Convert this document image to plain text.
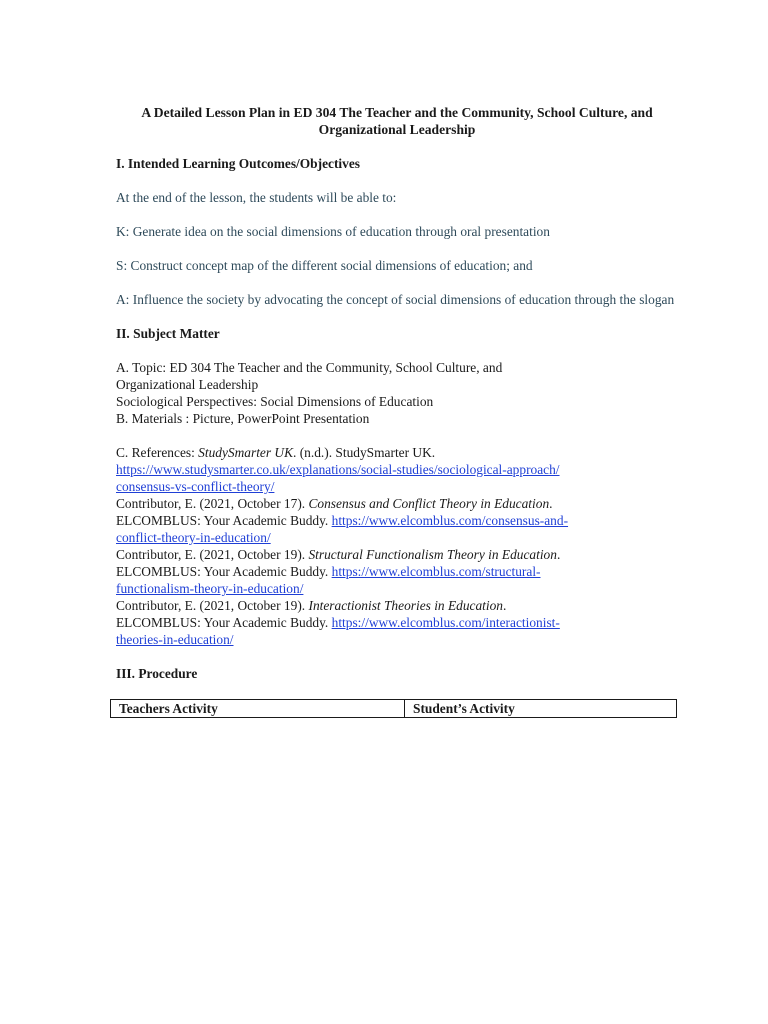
A Detailed Lesson Plan in ED 304 The Teacher and the Community, School Culture, and Organizational Leadership
I. Intended Learning Outcomes/Objectives
At the end of the lesson, the students will be able to:
K: Generate idea on the social dimensions of education through oral presentation
S: Construct concept map of the different social dimensions of education; and
A: Influence the society by advocating the concept of social dimensions of education through the slogan
II. Subject Matter
A. Topic: ED 304 The Teacher and the Community, School Culture, and
Organizational Leadership
Sociological Perspectives: Social Dimensions of Education
B. Materials : Picture, PowerPoint Presentation
C. References: StudySmarter UK. (n.d.). StudySmarter UK.
https://www.studysmarter.co.uk/explanations/social-studies/sociological-approach/
consensus-vs-conflict-theory/
Contributor, E. (2021, October 17). Consensus and Conflict Theory in Education.
ELCOMBLUS: Your Academic Buddy. https://www.elcomblus.com/consensus-and-
conflict-theory-in-education/
Contributor, E. (2021, October 19). Structural Functionalism Theory in Education.
ELCOMBLUS: Your Academic Buddy. https://www.elcomblus.com/structural-
functionalism-theory-in-education/
Contributor, E. (2021, October 19). Interactionist Theories in Education.
ELCOMBLUS: Your Academic Buddy. https://www.elcomblus.com/interactionist-
theories-in-education/
III. Procedure
Teachers Activity	Student’s Activity
